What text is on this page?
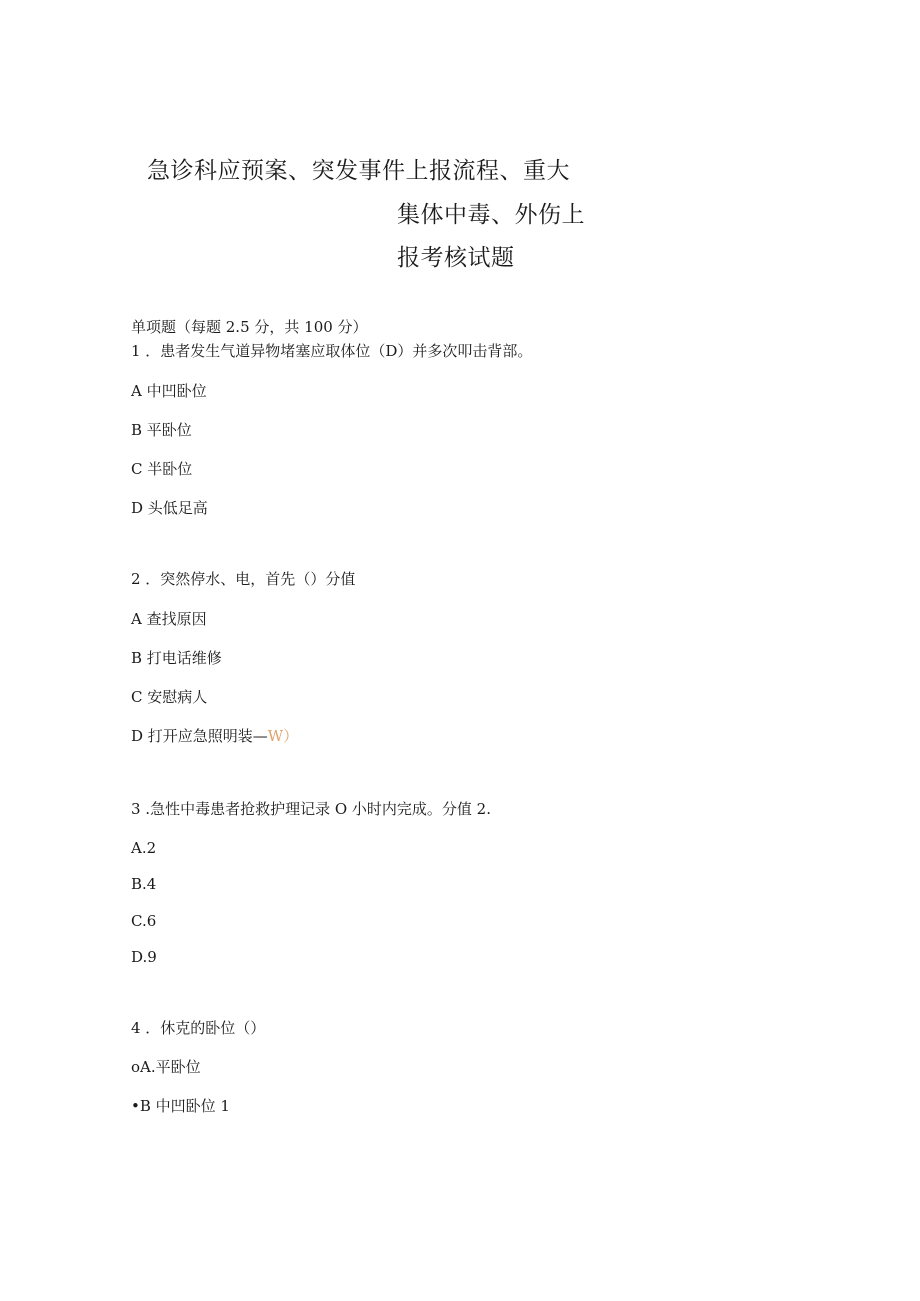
急诊科应预案、突发事件上报流程、重大
集体中毒、外伤上
报考核试题
单项题（每题 2.5 分，共 100 分）
1 ．患者发生气道异物堵塞应取体位（D）并多次叩击背部。
A 中凹卧位
B 平卧位
C 半卧位
D 头低足高
2 ．突然停水、电，首先（）分值
A 查找原因
B 打电话维修
C 安慰病人
D 打开应急照明装—W）
3 .急性中毒患者抢救护理记录 O 小时内完成。分值 2.
A.2
B.4
C.6
D.9
4 ．休克的卧位（）
oA.平卧位
•B 中凹卧位 1
